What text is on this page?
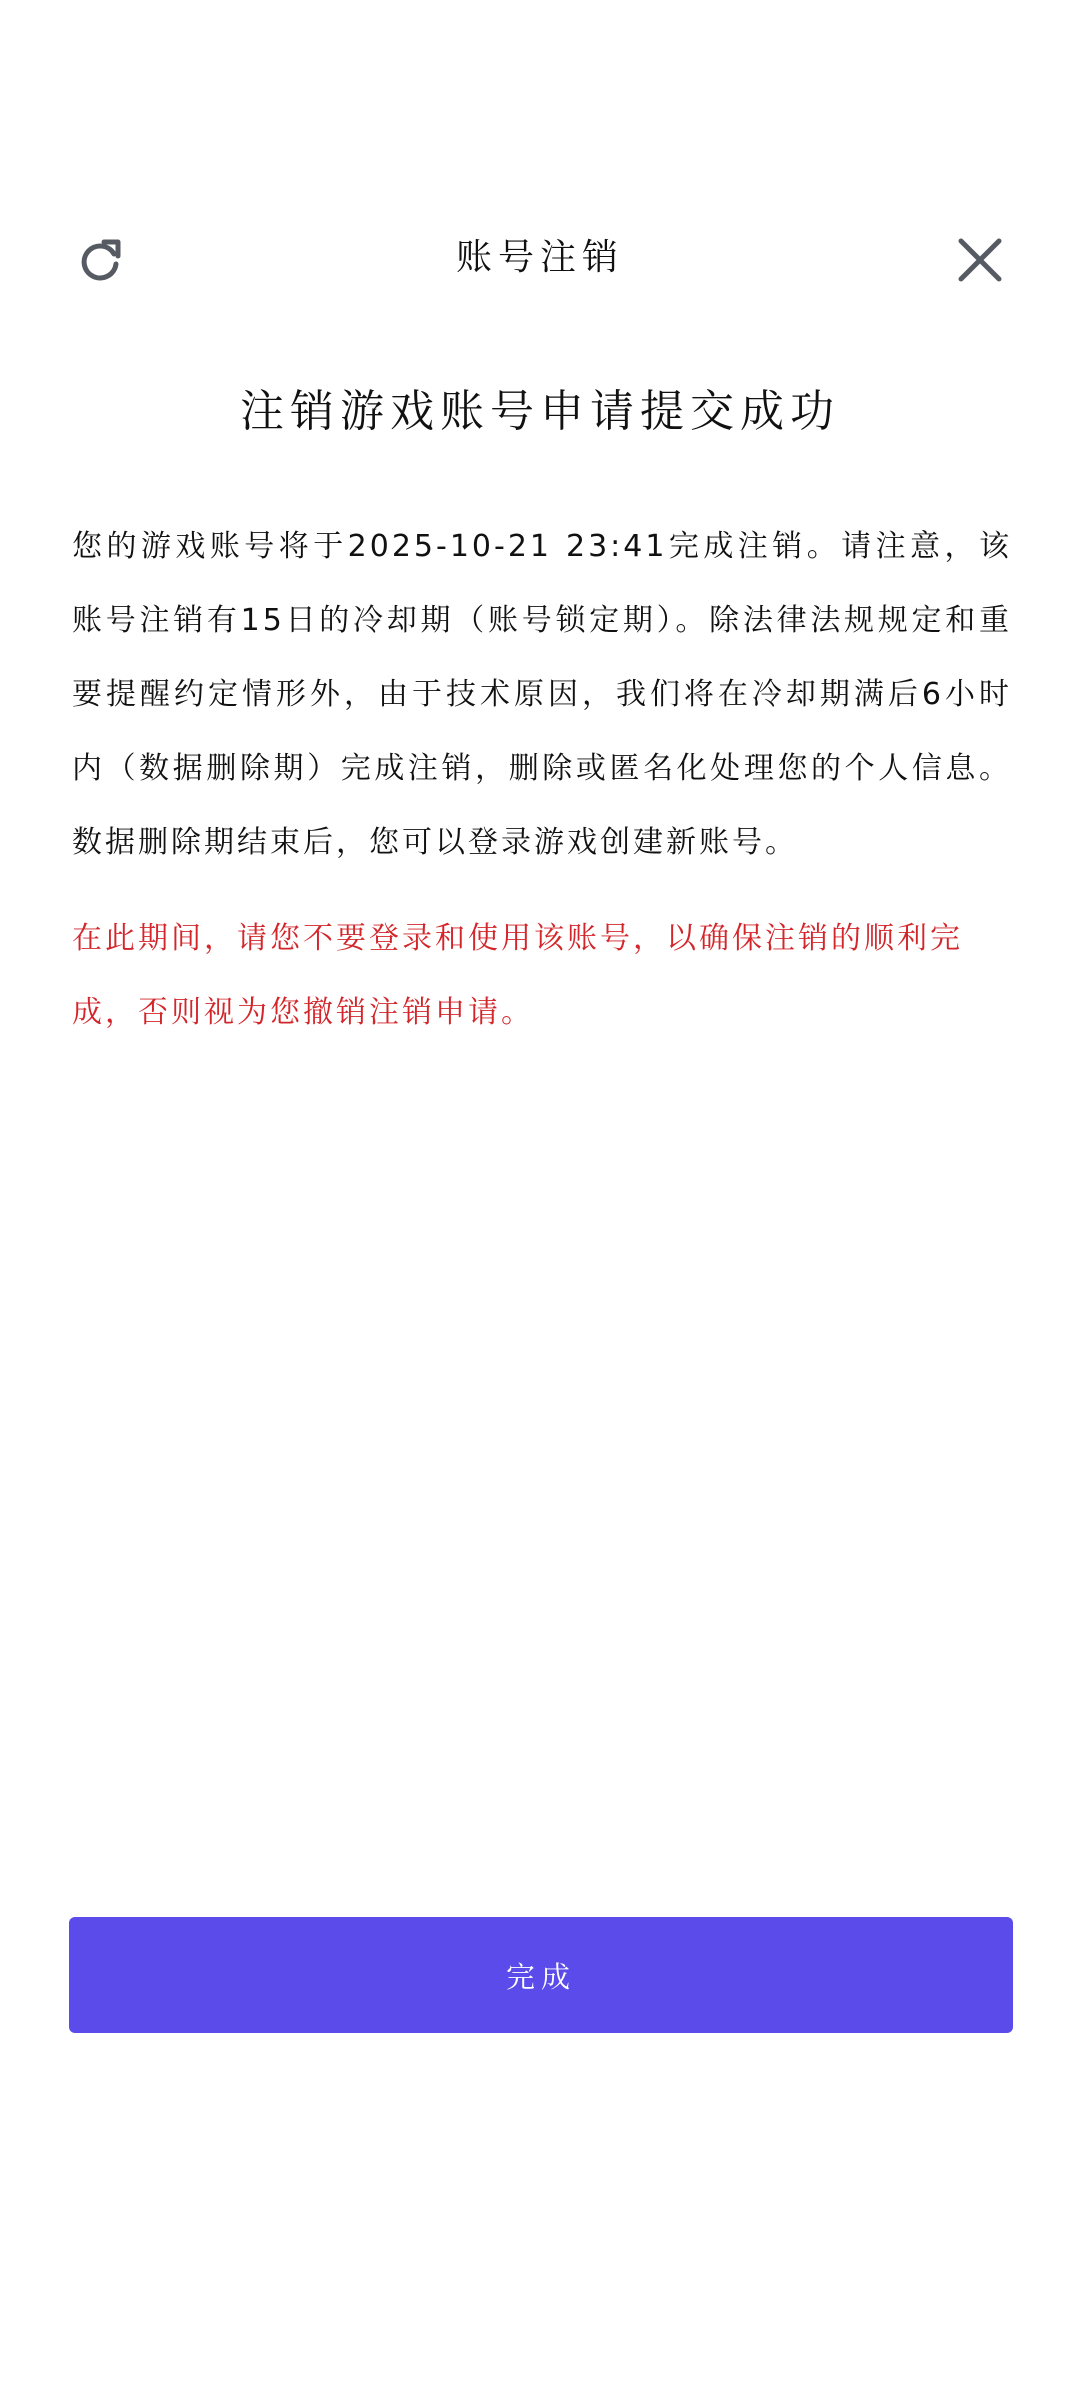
账号注销
注销游戏账号申请提交成功
您的游戏账号将于2025-10-21 23:41完成注销。请注意，该账号注销有15日的冷却期（账号锁定期）。除法律法规规定和重要提醒约定情形外，由于技术原因，我们将在冷却期满后6小时内（数据删除期）完成注销，删除或匿名化处理您的个人信息。数据删除期结束后，您可以登录游戏创建新账号。
在此期间，请您不要登录和使用该账号，以确保注销的顺利完成，否则视为您撤销注销申请。
完成
